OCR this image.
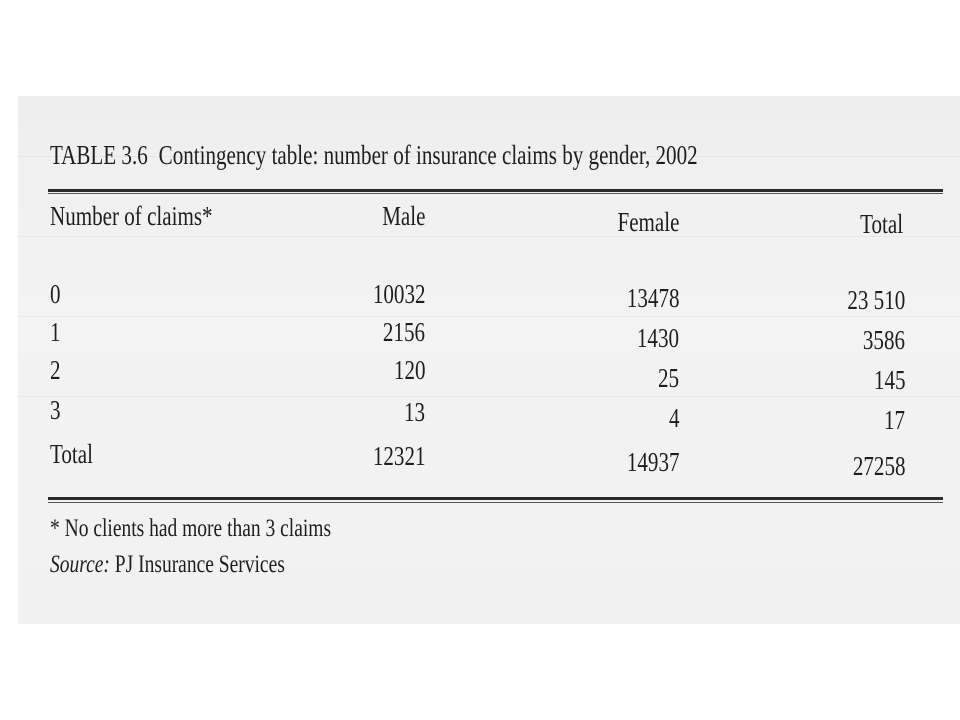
TABLE 3.6 Contingency table: number of insurance claims by gender, 2002

Number of claims*	Male	Female	Total
0	10032	13478	23 510
1	2156	1430	3586
2	120	25	145
3	13	4	17
Total	12321	14937	27258
* No clients had more than 3 claims
Source: PJ Insurance Services
